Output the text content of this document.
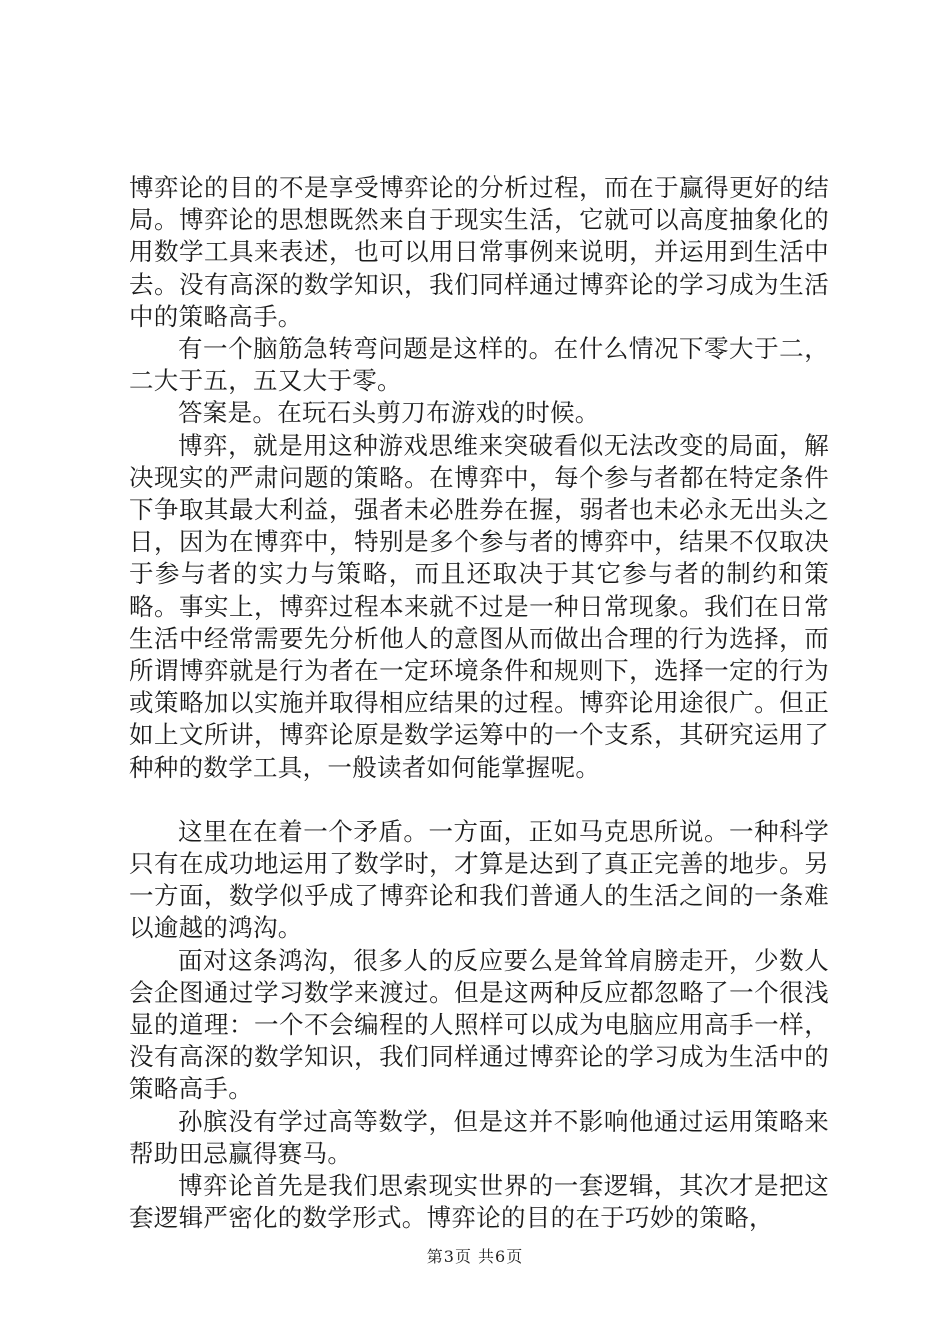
博弈论的目的不是享受博弈论的分析过程，而在于赢得更好的结局。博弈论的思想既然来自于现实生活，它就可以高度抽象化的用数学工具来表述，也可以用日常事例来说明，并运用到生活中去。没有高深的数学知识，我们同样通过博弈论的学习成为生活中的策略高手。

有一个脑筋急转弯问题是这样的。在什么情况下零大于二，二大于五，五又大于零。

答案是。在玩石头剪刀布游戏的时候。

博弈，就是用这种游戏思维来突破看似无法改变的局面，解决现实的严肃问题的策略。在博弈中，每个参与者都在特定条件下争取其最大利益，强者未必胜券在握，弱者也未必永无出头之日，因为在博弈中，特别是多个参与者的博弈中，结果不仅取决于参与者的实力与策略，而且还取决于其它参与者的制约和策略。事实上，博弈过程本来就不过是一种日常现象。我们在日常生活中经常需要先分析他人的意图从而做出合理的行为选择，而所谓博弈就是行为者在一定环境条件和规则下，选择一定的行为或策略加以实施并取得相应结果的过程。博弈论用途很广。但正如上文所讲，博弈论原是数学运筹中的一个支系，其研究运用了种种的数学工具，一般读者如何能掌握呢。

这里在在着一个矛盾。一方面，正如马克思所说。一种科学只有在成功地运用了数学时，才算是达到了真正完善的地步。另一方面，数学似乎成了博弈论和我们普通人的生活之间的一条难以逾越的鸿沟。

面对这条鸿沟，很多人的反应要么是耸耸肩膀走开，少数人会企图通过学习数学来渡过。但是这两种反应都忽略了一个很浅显的道理：一个不会编程的人照样可以成为电脑应用高手一样，没有高深的数学知识，我们同样通过博弈论的学习成为生活中的策略高手。

孙膑没有学过高等数学，但是这并不影响他通过运用策略来帮助田忌赢得赛马。

博弈论首先是我们思索现实世界的一套逻辑，其次才是把这套逻辑严密化的数学形式。博弈论的目的在于巧妙的策略，

第3页 共6页
